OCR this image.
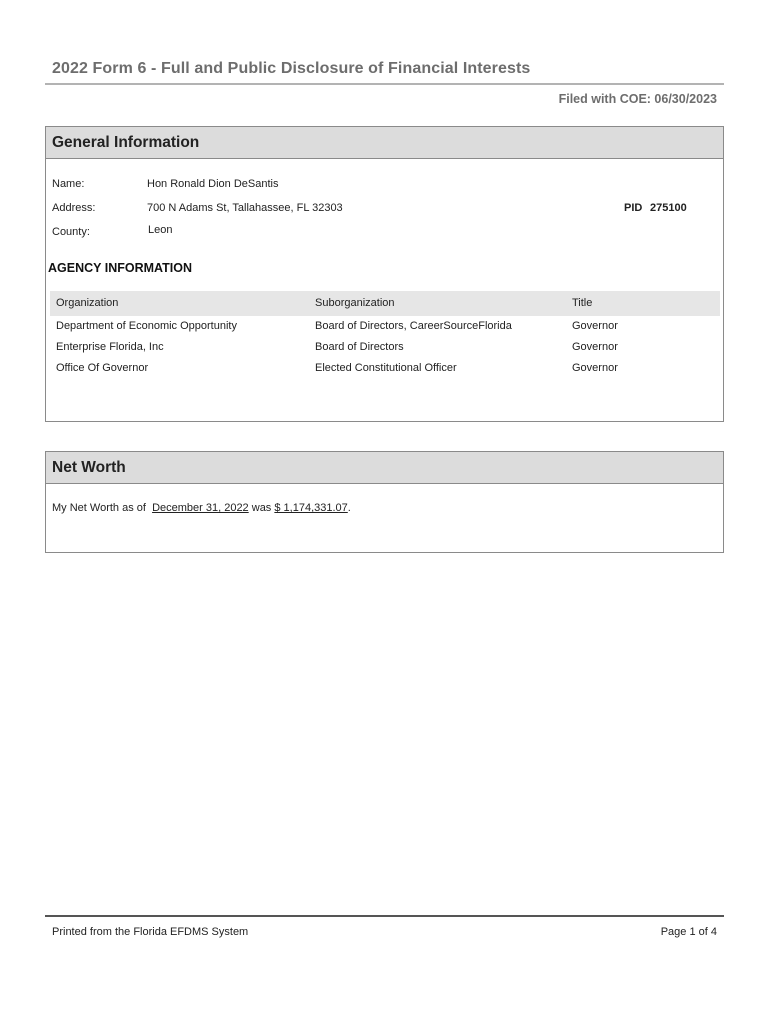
2022 Form 6 - Full and Public Disclosure of Financial Interests
Filed with COE: 06/30/2023
General Information
Name:	Hon Ronald Dion DeSantis
Address:	700 N Adams St, Tallahassee, FL 32303	PID 275100
County:	Leon
AGENCY INFORMATION
Organization	Suborganization	Title
Department of Economic Opportunity	Board of Directors, CareerSourceFlorida	Governor
Enterprise Florida, Inc	Board of Directors	Governor
Office Of Governor	Elected Constitutional Officer	Governor
Net Worth
My Net Worth as of December 31, 2022 was $ 1,174,331.07.
Printed from the Florida EFDMS System	Page 1 of 4
